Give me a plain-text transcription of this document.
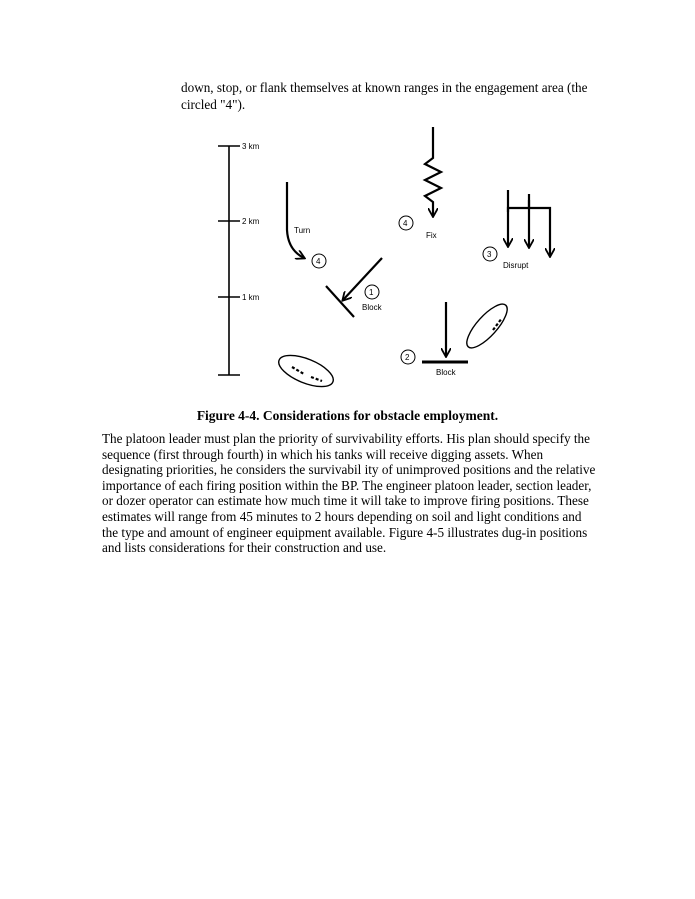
down, stop, or flank themselves at known ranges in the engagement area (the circled "4").

3 km
2 km
1 km
Turn
4
1
Block
4
Fix
3
Disrupt
2
Block

Figure 4-4. Considerations for obstacle employment.

The platoon leader must plan the priority of survivability efforts. His plan should specify the sequence (first through fourth) in which his tanks will receive digging assets. When designating priorities, he considers the survivabil ity of unimproved positions and the relative importance of each firing position within the BP. The engineer platoon leader, section leader, or dozer operator can estimate how much time it will take to improve firing positions. These estimates will range from 45 minutes to 2 hours depending on soil and light conditions and the type and amount of engineer equipment available. Figure 4-5 illustrates dug-in positions and lists considerations for their construction and use.
